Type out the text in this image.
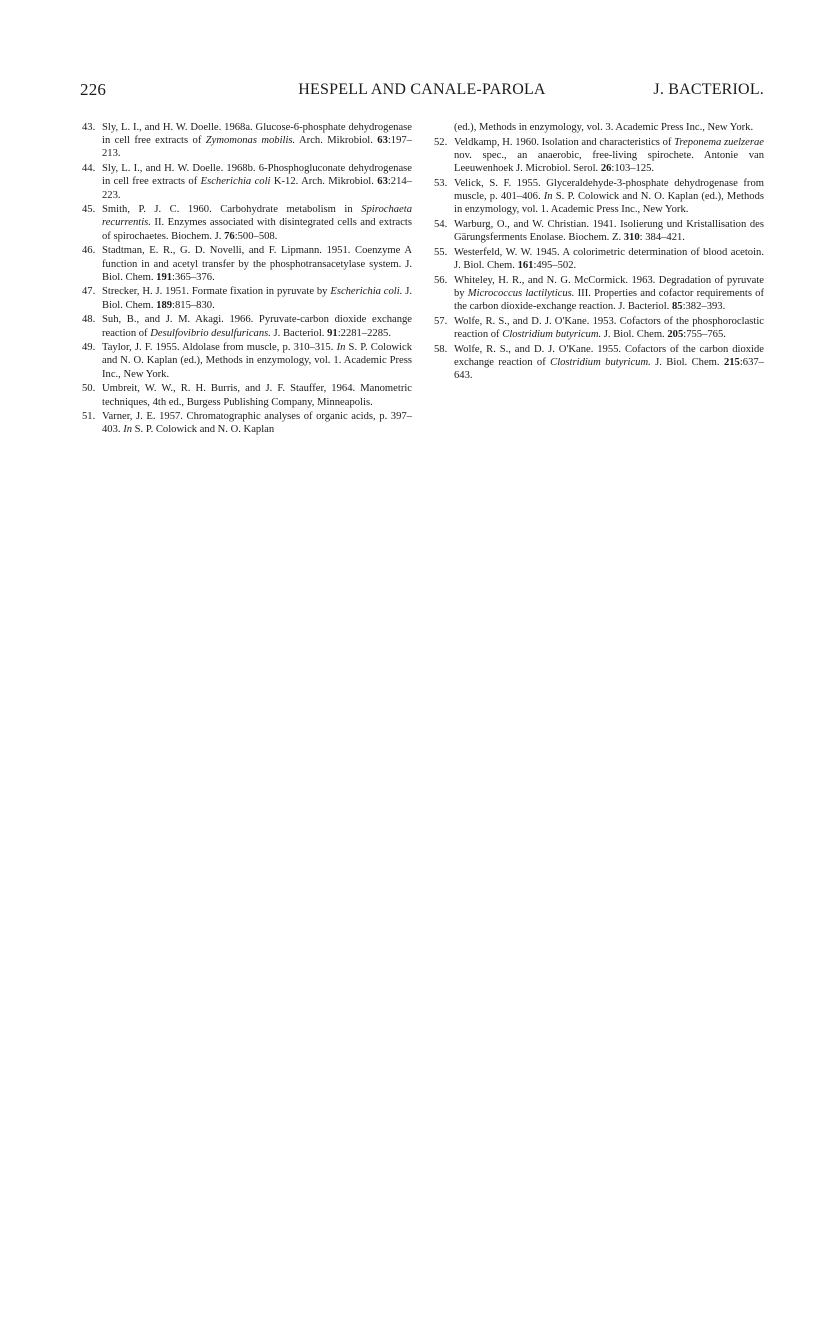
226	HESPELL AND CANALE-PAROLA	J. BACTERIOL.
43. Sly, L. I., and H. W. Doelle. 1968a. Glucose-6-phosphate dehydrogenase in cell free extracts of Zymomonas mobilis. Arch. Mikrobiol. 63:197–213.
44. Sly, L. I., and H. W. Doelle. 1968b. 6-Phosphogluconate dehydrogenase in cell free extracts of Escherichia coli K-12. Arch. Mikrobiol. 63:214–223.
45. Smith, P. J. C. 1960. Carbohydrate metabolism in Spirochaeta recurrentis. II. Enzymes associated with disintegrated cells and extracts of spirochaetes. Biochem. J. 76:500–508.
46. Stadtman, E. R., G. D. Novelli, and F. Lipmann. 1951. Coenzyme A function in and acetyl transfer by the phosphotransacetylase system. J. Biol. Chem. 191:365–376.
47. Strecker, H. J. 1951. Formate fixation in pyruvate by Escherichia coli. J. Biol. Chem. 189:815–830.
48. Suh, B., and J. M. Akagi. 1966. Pyruvate-carbon dioxide exchange reaction of Desulfovibrio desulfuricans. J. Bacteriol. 91:2281–2285.
49. Taylor, J. F. 1955. Aldolase from muscle, p. 310–315. In S. P. Colowick and N. O. Kaplan (ed.), Methods in enzymology, vol. 1. Academic Press Inc., New York.
50. Umbreit, W. W., R. H. Burris, and J. F. Stauffer, 1964. Manometric techniques, 4th ed., Burgess Publishing Company, Minneapolis.
51. Varner, J. E. 1957. Chromatographic analyses of organic acids, p. 397–403. In S. P. Colowick and N. O. Kaplan
(ed.), Methods in enzymology, vol. 3. Academic Press Inc., New York.
52. Veldkamp, H. 1960. Isolation and characteristics of Treponema zuelzerae nov. spec., an anaerobic, free-living spirochete. Antonie van Leeuwenhoek J. Microbiol. Serol. 26:103–125.
53. Velick, S. F. 1955. Glyceraldehyde-3-phosphate dehydrogenase from muscle, p. 401–406. In S. P. Colowick and N. O. Kaplan (ed.), Methods in enzymology, vol. 1. Academic Press Inc., New York.
54. Warburg, O., and W. Christian. 1941. Isolierung und Kristallisation des Gärungsferments Enolase. Biochem. Z. 310: 384–421.
55. Westerfeld, W. W. 1945. A colorimetric determination of blood acetoin. J. Biol. Chem. 161:495–502.
56. Whiteley, H. R., and N. G. McCormick. 1963. Degradation of pyruvate by Micrococcus lactilyticus. III. Properties and cofactor requirements of the carbon dioxide-exchange reaction. J. Bacteriol. 85:382–393.
57. Wolfe, R. S., and D. J. O'Kane. 1953. Cofactors of the phosphoroclastic reaction of Clostridium butyricum. J. Biol. Chem. 205:755–765.
58. Wolfe, R. S., and D. J. O'Kane. 1955. Cofactors of the carbon dioxide exchange reaction of Clostridium butyricum. J. Biol. Chem. 215:637–643.
